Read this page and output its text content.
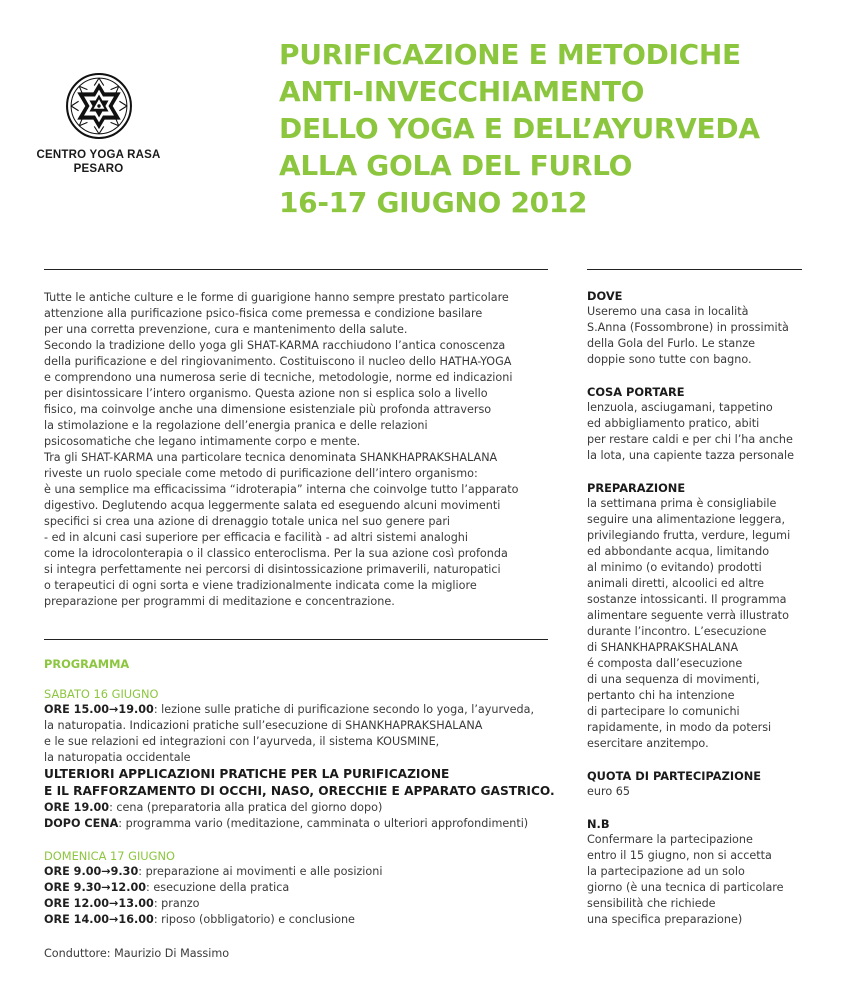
CENTRO YOGA RASA
PESARO
PURIFICAZIONE E METODICHE
ANTI-INVECCHIAMENTO
DELLO YOGA E DELL’AYURVEDA
ALLA GOLA DEL FURLO
16-17 GIUGNO 2012
Tutte le antiche culture e le forme di guarigione hanno sempre prestato particolare
attenzione alla purificazione psico-fisica come premessa e condizione basilare
per una corretta prevenzione, cura e mantenimento della salute.
Secondo la tradizione dello yoga gli SHAT-KARMA racchiudono l’antica conoscenza
della purificazione e del ringiovanimento. Costituiscono il nucleo dello HATHA-YOGA
e comprendono una numerosa serie di tecniche, metodologie, norme ed indicazioni
per disintossicare l’intero organismo. Questa azione non si esplica solo a livello
fisico, ma coinvolge anche una dimensione esistenziale più profonda attraverso
la stimolazione e la regolazione dell’energia pranica e delle relazioni
psicosomatiche che legano intimamente corpo e mente.
Tra gli SHAT-KARMA una particolare tecnica denominata SHANKHAPRAKSHALANA
riveste un ruolo speciale come metodo di purificazione dell’intero organismo:
è una semplice ma efficacissima “idroterapia” interna che coinvolge tutto l’apparato
digestivo. Deglutendo acqua leggermente salata ed eseguendo alcuni movimenti
specifici si crea una azione di drenaggio totale unica nel suo genere pari
- ed in alcuni casi superiore per efficacia e facilità - ad altri sistemi analoghi
come la idrocolonterapia o il classico enteroclisma. Per la sua azione così profonda
si integra perfettamente nei percorsi di disintossicazione primaverili, naturopatici
o terapeutici di ogni sorta e viene tradizionalmente indicata come la migliore
preparazione per programmi di meditazione e concentrazione.
PROGRAMMA
SABATO 16 GIUGNO
ORE 15.00→19.00: lezione sulle pratiche di purificazione secondo lo yoga, l’ayurveda,
la naturopatia. Indicazioni pratiche sull’esecuzione di SHANKHAPRAKSHALANA
e le sue relazioni ed integrazioni con l’ayurveda, il sistema KOUSMINE,
la naturopatia occidentale
ULTERIORI APPLICAZIONI PRATICHE PER LA PURIFICAZIONE
E IL RAFFORZAMENTO DI OCCHI, NASO, ORECCHIE E APPARATO GASTRICO.
ORE 19.00: cena (preparatoria alla pratica del giorno dopo)
DOPO CENA: programma vario (meditazione, camminata o ulteriori approfondimenti)
DOMENICA 17 GIUGNO
ORE 9.00→9.30: preparazione ai movimenti e alle posizioni
ORE 9.30→12.00: esecuzione della pratica
ORE 12.00→13.00: pranzo
ORE 14.00→16.00: riposo (obbligatorio) e conclusione
Conduttore: Maurizio Di Massimo
DOVE
Useremo una casa in località
S.Anna (Fossombrone) in prossimità
della Gola del Furlo. Le stanze
doppie sono tutte con bagno.
COSA PORTARE
lenzuola, asciugamani, tappetino
ed abbigliamento pratico, abiti
per restare caldi e per chi l’ha anche
la lota, una capiente tazza personale
PREPARAZIONE
la settimana prima è consigliabile
seguire una alimentazione leggera,
privilegiando frutta, verdure, legumi
ed abbondante acqua, limitando
al minimo (o evitando) prodotti
animali diretti, alcoolici ed altre
sostanze intossicanti. Il programma
alimentare seguente verrà illustrato
durante l’incontro. L’esecuzione
di SHANKHAPRAKSHALANA
é composta dall’esecuzione
di una sequenza di movimenti,
pertanto chi ha intenzione
di partecipare lo comunichi
rapidamente, in modo da potersi
esercitare anzitempo.
QUOTA DI PARTECIPAZIONE
euro 65
N.B
Confermare la partecipazione
entro il 15 giugno, non si accetta
la partecipazione ad un solo
giorno (è una tecnica di particolare
sensibilità che richiede
una specifica preparazione)
